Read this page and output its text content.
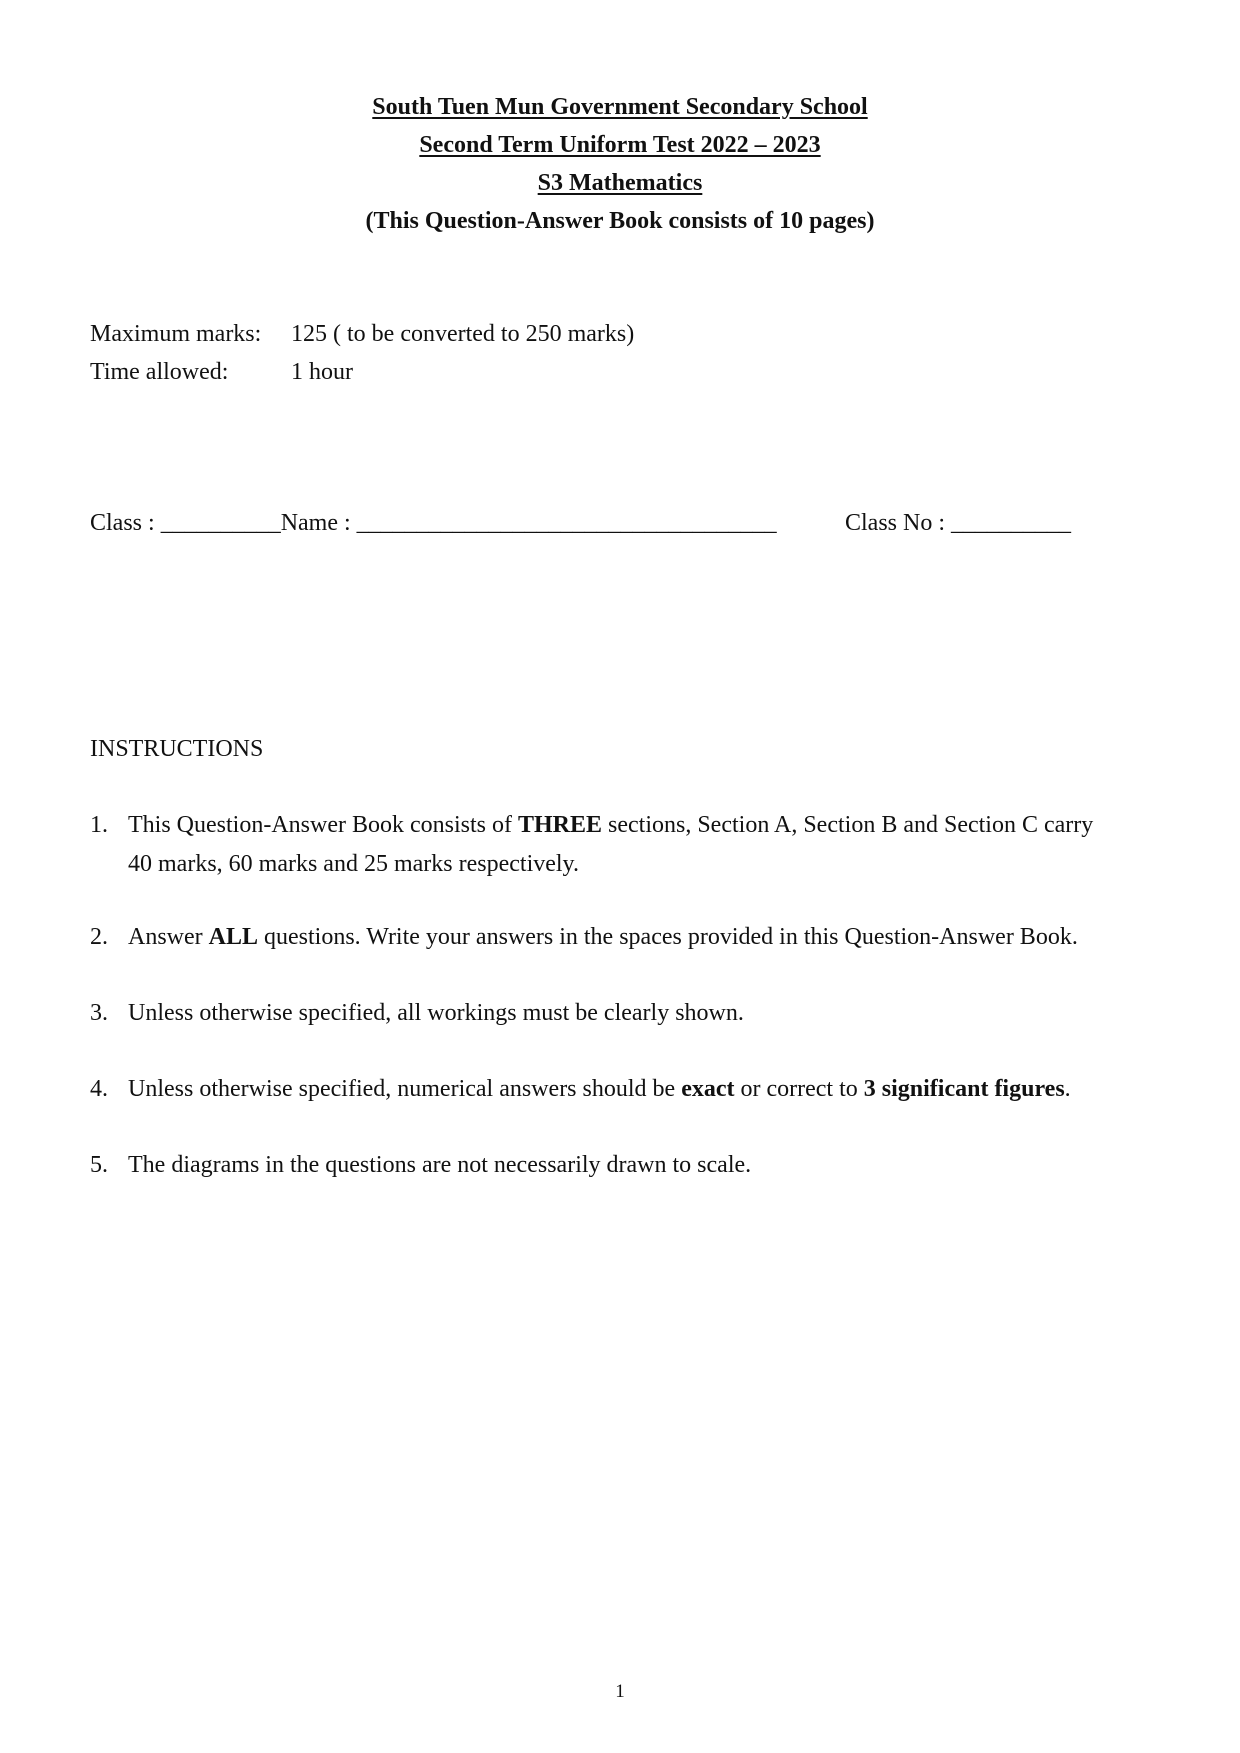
South Tuen Mun Government Secondary School
Second Term Uniform Test 2022 – 2023
S3 Mathematics
(This Question-Answer Book consists of 10 pages)
Maximum marks: 125 ( to be converted to 250 marks)
Time allowed:	1 hour
Class : __________Name : ___________________________________	Class No : __________
INSTRUCTIONS
1. This Question-Answer Book consists of THREE sections, Section A, Section B and Section C carry
40 marks, 60 marks and 25 marks respectively.
2. Answer ALL questions. Write your answers in the spaces provided in this Question-Answer Book.
3. Unless otherwise specified, all workings must be clearly shown.
4. Unless otherwise specified, numerical answers should be exact or correct to 3 significant figures.
5. The diagrams in the questions are not necessarily drawn to scale.
1
